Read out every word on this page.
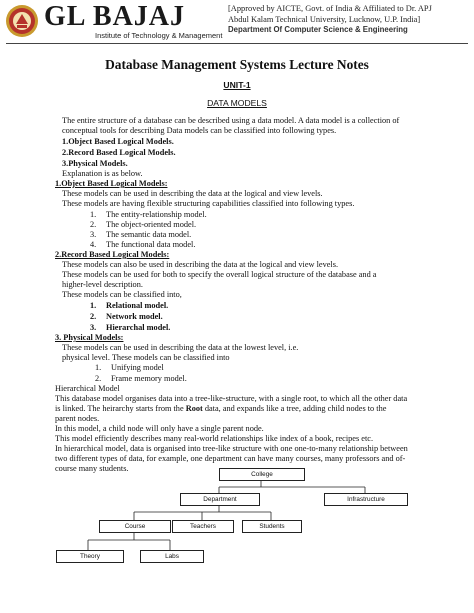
GL BAJAJ
Institute of Technology & Management
[Approved by AICTE, Govt. of India & Affiliated to Dr. APJ
Abdul Kalam Technical University, Lucknow, U.P. India]
Department Of Computer Science & Engineering
Database Management Systems Lecture Notes
UNIT-1
DATA MODELS
The entire structure of a database can be described using a data model. A data model is a collection of
conceptual tools for describing Data models can be classified into following types.
1.Object Based Logical Models.
2.Record Based Logical Models.
3.Physical Models.
Explanation is as below.
1.Object Based Logical Models:
These models can be used in describing the data at the logical and view levels.
These models are having flexible structuring capabilities classified into following types.
1. The entity-relationship model.
2. The object-oriented model.
3. The semantic data model.
4. The functional data model.
2.Record Based Logical Models:
These models can also be used in describing the data at the logical and view levels.
These models can be used for both to specify the overall logical structure of the database and a
higher-level description.
These models can be classified into,
1. Relational model.
2. Network model.
3. Hierarchal model.
3. Physical Models:
These models can be used in describing the data at the lowest level, i.e.
physical level. These models can be classified into
1. Unifying model
2. Frame memory model.
Hierarchical Model
This database model organises data into a tree-like-structure, with a single root, to which all the other data
is linked. The heirarchy starts from the Root data, and expands like a tree, adding child nodes to the
parent nodes.
In this model, a child node will only have a single parent node.
This model efficiently describes many real-world relationships like index of a book, recipes etc.
In hierarchical model, data is organised into tree-like structure with one one-to-many relationship between
two different types of data, for example, one department can have many courses, many professors and of-
course many students.
College
Department	Infrastructure
Course	Teachers	Students
Theory	Labs
